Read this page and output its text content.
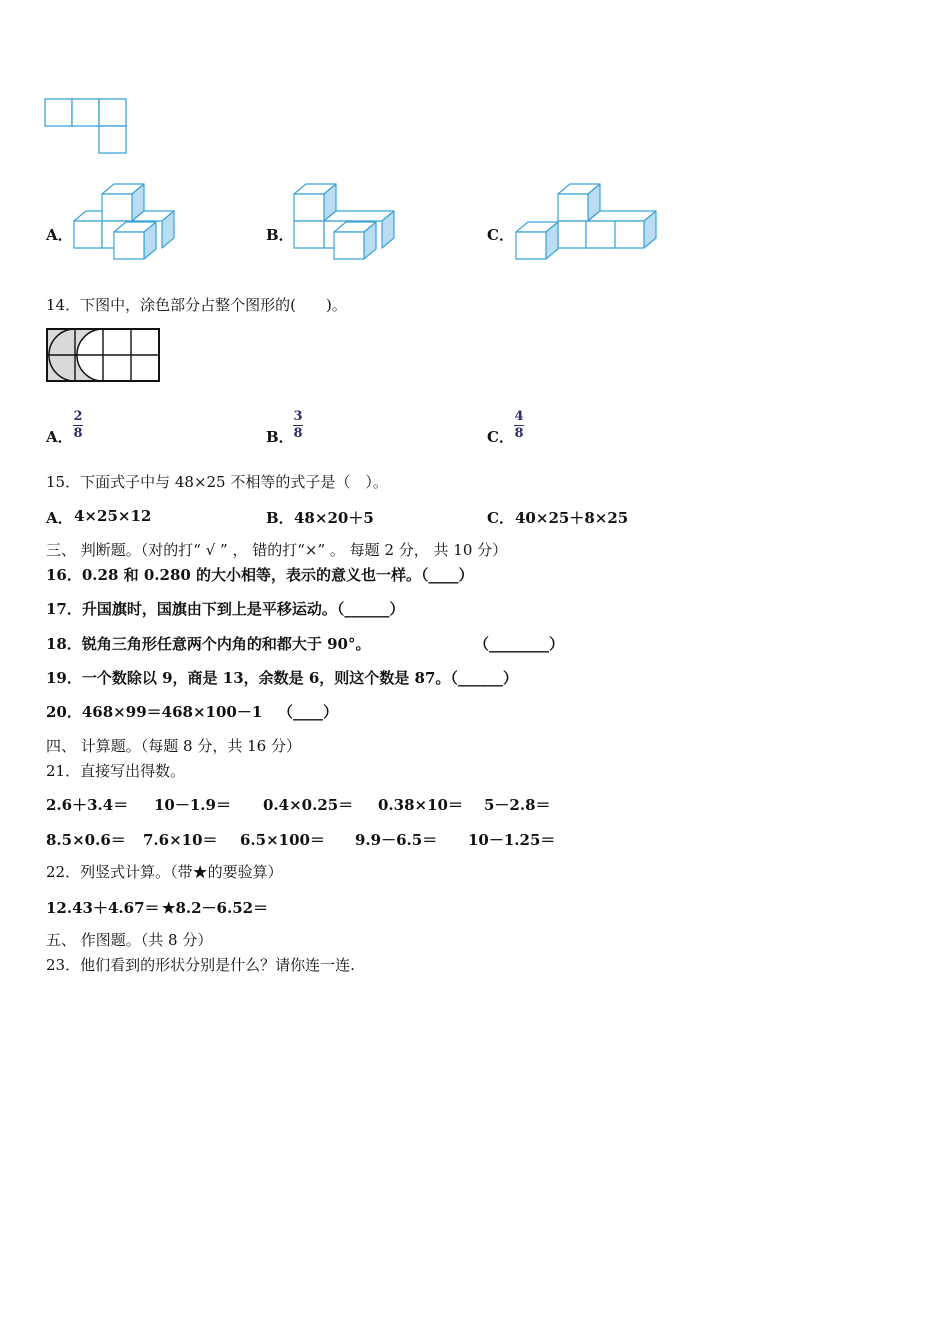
A．	B．	C．
14．下图中，涂色部分占整个图形的(　　)。
A．
2
8	B．
3
8	C．
4
8
15．下面式子中与 48×25 不相等的式子是（　）。
A． 4×25×12	B． 48×20＋5	C． 40×25＋8×25
三、 判断题。（对的打“ √ ” ， 错的打“×” 。 每题 2 分， 共 10 分）
16．0.28 和 0.280 的大小相等，表示的意义也一样。（____）
17．升国旗时，国旗由下到上是平移运动。（______）
18．锐角三角形任意两个内角的和都大于 90°。	（________）
19．一个数除以 9，商是 13，余数是 6，则这个数是 87。（______）
20．468×99＝468×100－1 （____）
四、 计算题。（每题 8 分，共 16 分）
21．直接写出得数。
2.6＋3.4＝ 10－1.9＝ 0.4×0.25＝ 0.38×10＝ 5－2.8＝
8.5×0.6＝ 7.6×10＝ 6.5×100＝ 9.9－6.5＝ 10－1.25＝
22．列竖式计算。（带★的要验算）
12.43＋4.67＝ ★8.2－6.52＝
五、 作图题。（共 8 分）
23．他们看到的形状分别是什么？请你连一连.
